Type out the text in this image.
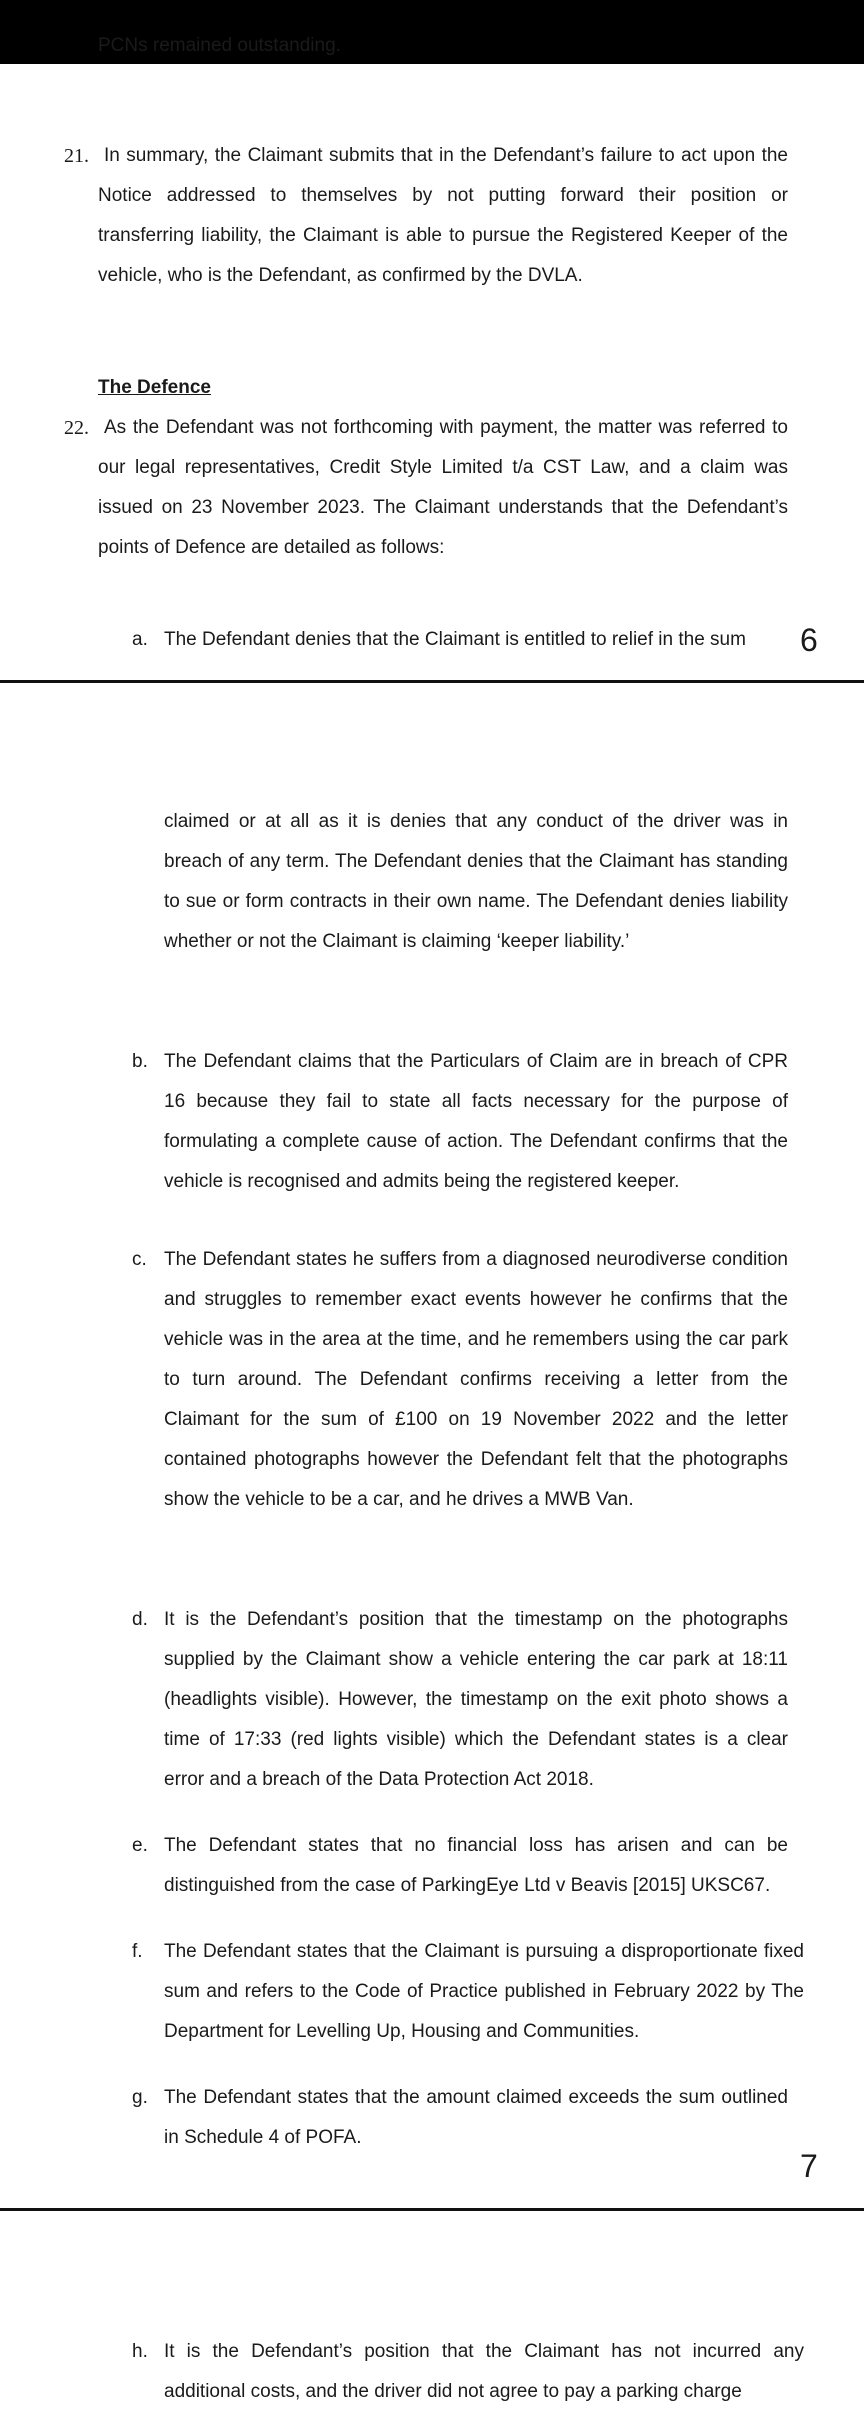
PCNs remained outstanding.

21. In summary, the Claimant submits that in the Defendant’s failure to act upon the Notice addressed to themselves by not putting forward their position or transferring liability, the Claimant is able to pursue the Registered Keeper of the vehicle, who is the Defendant, as confirmed by the DVLA.

The Defence

22. As the Defendant was not forthcoming with payment, the matter was referred to our legal representatives, Credit Style Limited t/a CST Law, and a claim was issued on 23 November 2023. The Claimant understands that the Defendant’s points of Defence are detailed as follows:

a. The Defendant denies that the Claimant is entitled to relief in the sum	6

claimed or at all as it is denies that any conduct of the driver was in breach of any term. The Defendant denies that the Claimant has standing to sue or form contracts in their own name. The Defendant denies liability whether or not the Claimant is claiming ‘keeper liability.’

b. The Defendant claims that the Particulars of Claim are in breach of CPR 16 because they fail to state all facts necessary for the purpose of formulating a complete cause of action. The Defendant confirms that the vehicle is recognised and admits being the registered keeper.

c. The Defendant states he suffers from a diagnosed neurodiverse condition and struggles to remember exact events however he confirms that the vehicle was in the area at the time, and he remembers using the car park to turn around. The Defendant confirms receiving a letter from the Claimant for the sum of £100 on 19 November 2022 and the letter contained photographs however the Defendant felt that the photographs show the vehicle to be a car, and he drives a MWB Van.

d. It is the Defendant’s position that the timestamp on the photographs supplied by the Claimant show a vehicle entering the car park at 18:11 (headlights visible). However, the timestamp on the exit photo shows a time of 17:33 (red lights visible) which the Defendant states is a clear error and a breach of the Data Protection Act 2018.

e. The Defendant states that no financial loss has arisen and can be distinguished from the case of ParkingEye Ltd v Beavis [2015] UKSC67.

f. The Defendant states that the Claimant is pursuing a disproportionate fixed sum and refers to the Code of Practice published in February 2022 by The Department for Levelling Up, Housing and Communities.

g. The Defendant states that the amount claimed exceeds the sum outlined in Schedule 4 of POFA.

7

h. It is the Defendant’s position that the Claimant has not incurred any additional costs, and the driver did not agree to pay a parking charge
